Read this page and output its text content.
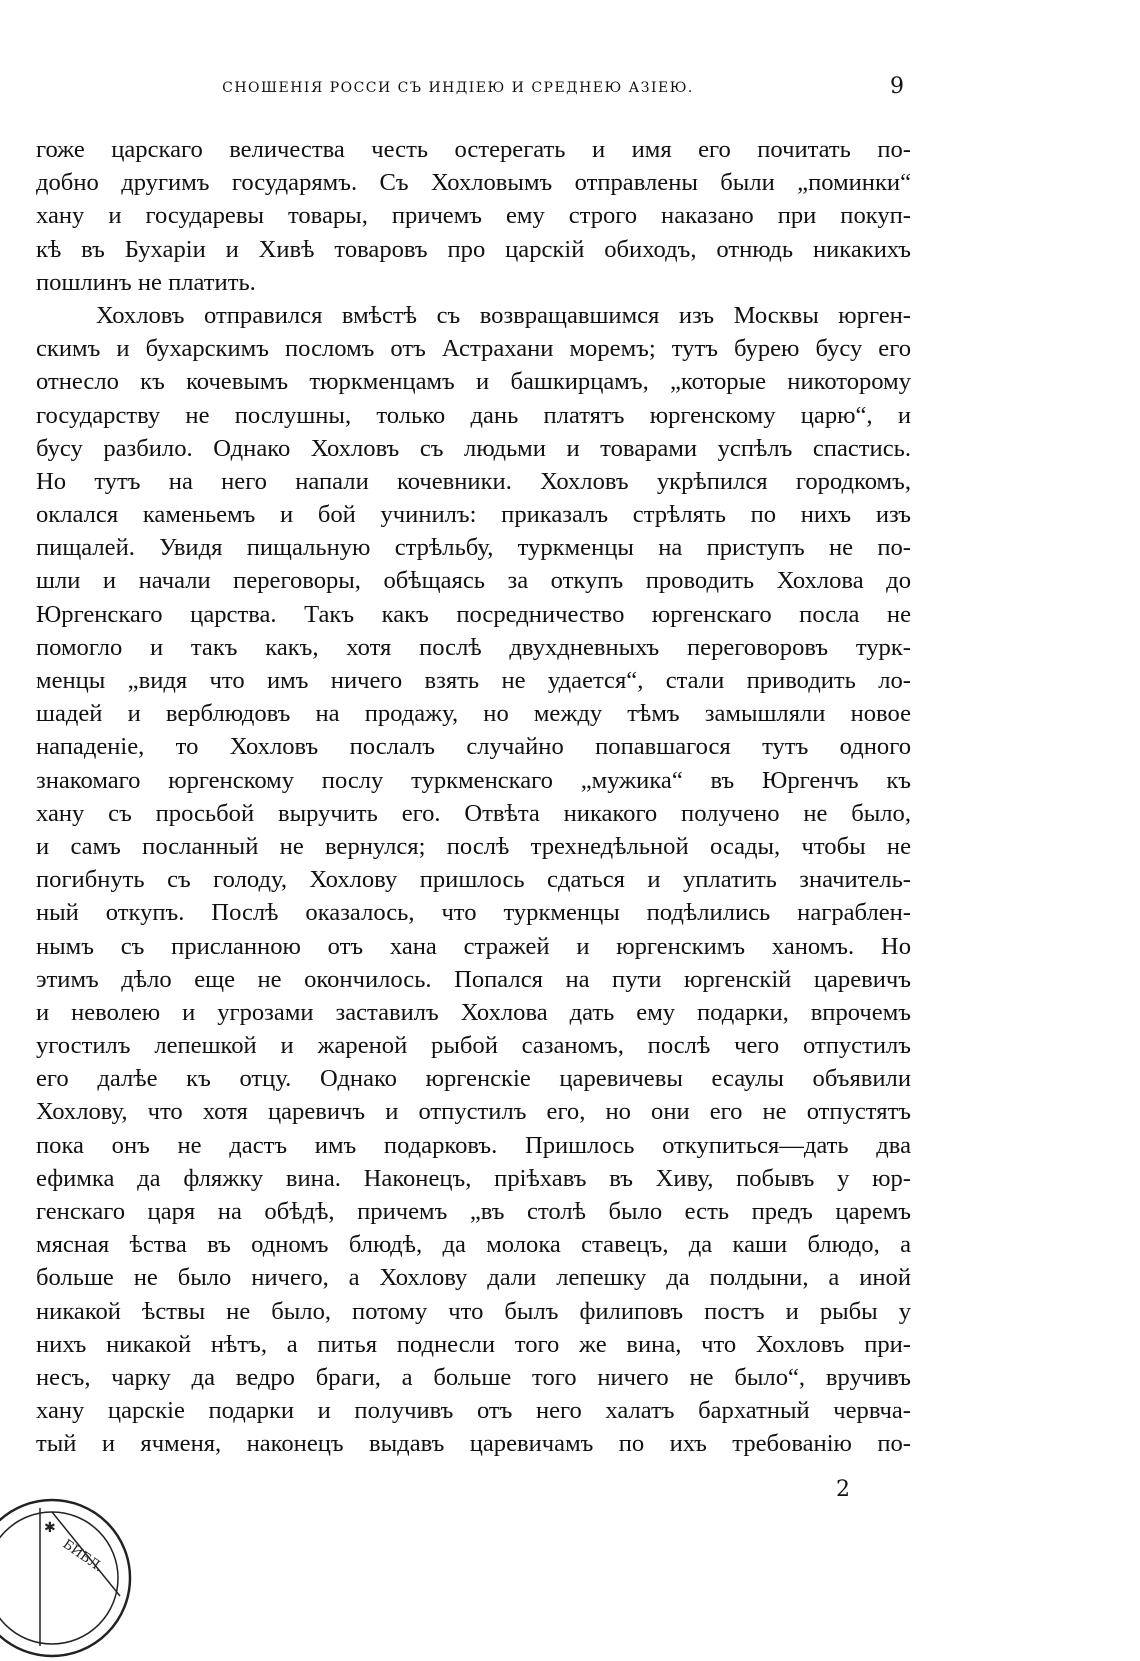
СНОШЕНІЯ РОССИ СЪ ИНДІЕЮ И СРЕДНЕЮ АЗІЕЮ.	9
гоже царскаго величества честь остерегать и имя его почитать по-
добно другимъ государямъ. Съ Хохловымъ отправлены были „поминки“
хану и государевы товары, причемъ ему строго наказано при покуп-
кѣ въ Бухаріи и Хивѣ товаровъ про царскій обиходъ, отнюдь никакихъ
пошлинъ не платить.
Хохловъ отправился вмѣстѣ съ возвращавшимся изъ Москвы юрген-
скимъ и бухарскимъ посломъ отъ Астрахани моремъ; тутъ бурею бусу его
отнесло къ кочевымъ тюркменцамъ и башкирцамъ, „которые никоторому
государству не послушны, только дань платятъ юргенскому царю“, и
бусу разбило. Однако Хохловъ съ людьми и товарами успѣлъ спастись.
Но тутъ на него напали кочевники. Хохловъ укрѣпился городкомъ,
оклался каменьемъ и бой учинилъ: приказалъ стрѣлять по нихъ изъ
пищалей. Увидя пищальную стрѣльбу, туркменцы на приступъ не по-
шли и начали переговоры, обѣщаясь за откупъ проводить Хохлова до
Юргенскаго царства. Такъ какъ посредничество юргенскаго посла не
помогло и такъ какъ, хотя послѣ двухдневныхъ переговоровъ турк-
менцы „видя что имъ ничего взять не удается“, стали приводить ло-
шадей и верблюдовъ на продажу, но между тѣмъ замышляли новое
нападеніе, то Хохловъ послалъ случайно попавшагося тутъ одного
знакомаго юргенскому послу туркменскаго „мужика“ въ Юргенчъ къ
хану съ просьбой выручить его. Отвѣта никакого получено не было,
и самъ посланный не вернулся; послѣ трехнедѣльной осады, чтобы не
погибнуть съ голоду, Хохлову пришлось сдаться и уплатить значитель-
ный откупъ. Послѣ оказалось, что туркменцы подѣлились награблен-
нымъ съ присланною отъ хана стражей и юргенскимъ ханомъ. Но
этимъ дѣло еще не окончилось. Попался на пути юргенскій царевичъ
и неволею и угрозами заставилъ Хохлова дать ему подарки, впрочемъ
угостилъ лепешкой и жареной рыбой сазаномъ, послѣ чего отпустилъ
его далѣе къ отцу. Однако юргенскіе царевичевы есаулы объявили
Хохлову, что хотя царевичъ и отпустилъ его, но они его не отпустятъ
пока онъ не дастъ имъ подарковъ. Пришлось откупиться—дать два
ефимка да фляжку вина. Наконецъ, пріѣхавъ въ Хиву, побывъ у юр-
генскаго царя на обѣдѣ, причемъ „въ столѣ было есть предъ царемъ
мясная ѣства въ одномъ блюдѣ, да молока ставецъ, да каши блюдо, а
больше не было ничего, а Хохлову дали лепешку да полдыни, а иной
никакой ѣствы не было, потому что былъ филиповъ постъ и рыбы у
нихъ никакой нѣтъ, а питья поднесли того же вина, что Хохловъ при-
несъ, чарку да ведро браги, а больше того ничего не было“, вручивъ
хану царскіе подарки и получивъ отъ него халатъ бархатный червча-
тый и ячменя, наконецъ выдавъ царевичамъ по ихъ требованію по-
2
БИБЛ.
✱
